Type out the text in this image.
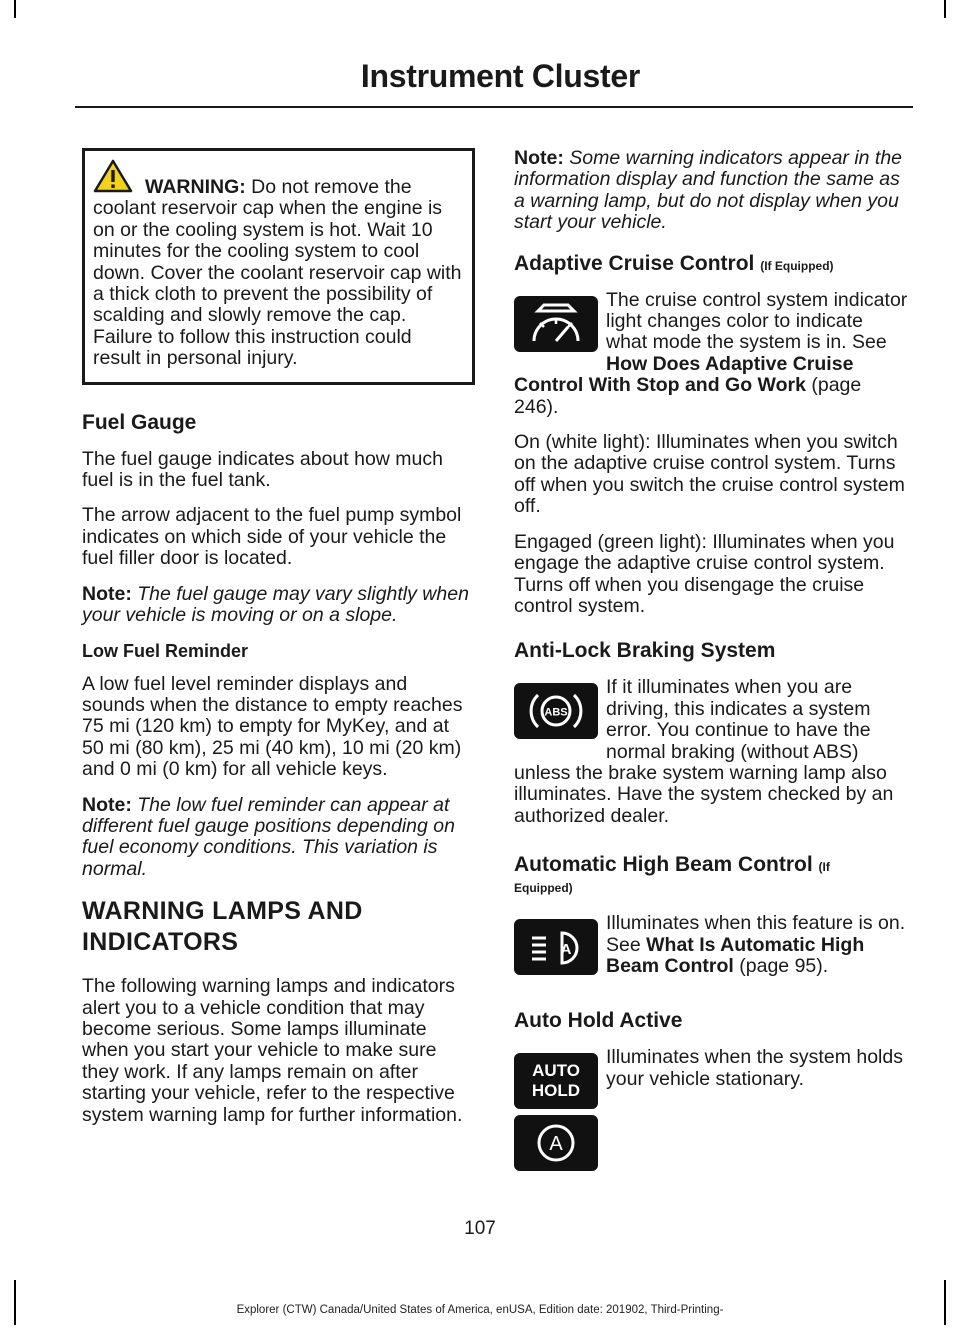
Instrument Cluster
WARNING: Do not remove the coolant reservoir cap when the engine is on or the cooling system is hot. Wait 10 minutes for the cooling system to cool down. Cover the coolant reservoir cap with a thick cloth to prevent the possibility of scalding and slowly remove the cap. Failure to follow this instruction could result in personal injury.
Fuel Gauge

The fuel gauge indicates about how much fuel is in the fuel tank.

The arrow adjacent to the fuel pump symbol indicates on which side of your vehicle the fuel filler door is located.

Note: The fuel gauge may vary slightly when your vehicle is moving or on a slope.

Low Fuel Reminder

A low fuel level reminder displays and sounds when the distance to empty reaches 75 mi (120 km) to empty for MyKey, and at 50 mi (80 km), 25 mi (40 km), 10 mi (20 km) and 0 mi (0 km) for all vehicle keys.

Note: The low fuel reminder can appear at different fuel gauge positions depending on fuel economy conditions. This variation is normal.

WARNING LAMPS AND
INDICATORS

The following warning lamps and indicators alert you to a vehicle condition that may become serious. Some lamps illuminate when you start your vehicle to make sure they work. If any lamps remain on after starting your vehicle, refer to the respective system warning lamp for further information.

Note: Some warning indicators appear in the information display and function the same as a warning lamp, but do not display when you start your vehicle.

Adaptive Cruise Control (If Equipped)

The cruise control system indicator light changes color to indicate what mode the system is in. See How Does Adaptive Cruise Control With Stop and Go Work (page 246).

On (white light): Illuminates when you switch on the adaptive cruise control system. Turns off when you switch the cruise control system off.

Engaged (green light): Illuminates when you engage the adaptive cruise control system. Turns off when you disengage the cruise control system.

Anti-Lock Braking System
ABS

If it illuminates when you are driving, this indicates a system error. You continue to have the normal braking (without ABS) unless the brake system warning lamp also illuminates. Have the system checked by an authorized dealer.

Automatic High Beam Control (If
Equipped)
A

Illuminates when this feature is on. See What Is Automatic High Beam Control (page 95).

Auto Hold Active
AUTO
HOLD
A

Illuminates when the system holds your vehicle stationary.

107
Explorer (CTW) Canada/United States of America, enUSA, Edition date: 201902, Third-Printing-
